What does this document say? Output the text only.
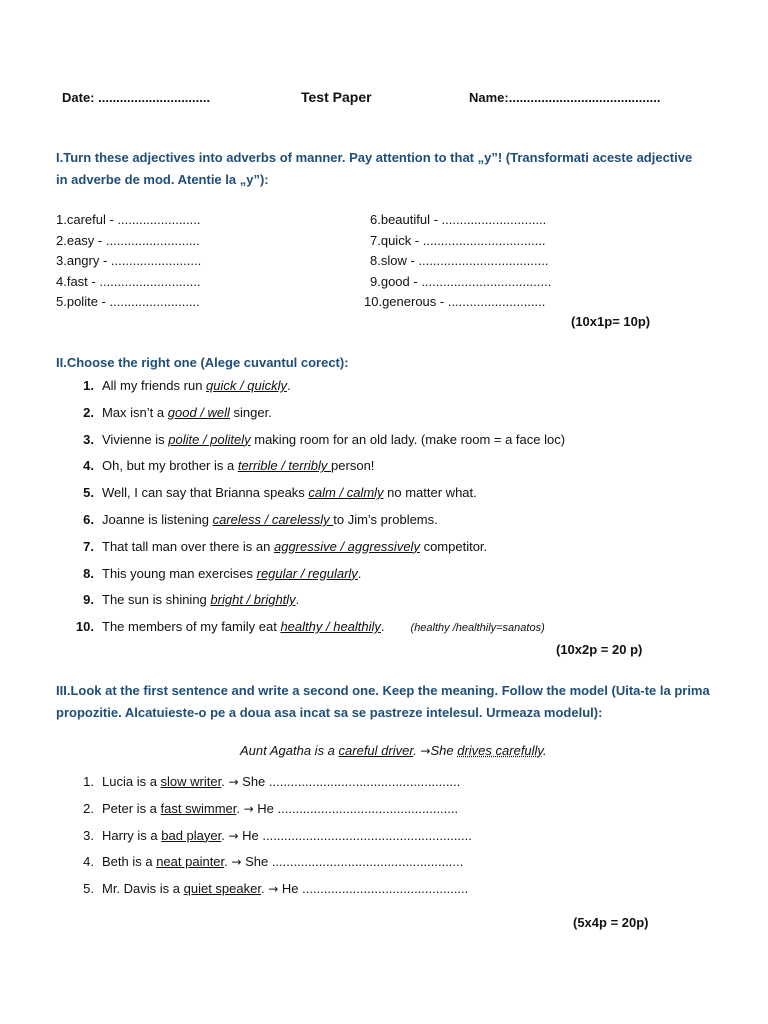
Date: ...............................	Test Paper	Name:..........................................
I.Turn these adjectives into adverbs of manner. Pay attention to that „y”! (Transformati aceste adjective in adverbe de mod. Atentie la „y”):
1.careful - .......................
2.easy - ..........................
3.angry - .........................
4.fast - ............................
5.polite - .........................
6.beautiful - .............................
7.quick - ..................................
8.slow - ....................................
9.good - ....................................
10.generous - ...........................
(10x1p= 10p)
II.Choose the right one (Alege cuvantul corect):
1. All my friends run quick / quickly.
2. Max isn’t a good / well singer.
3. Vivienne is polite / politely making room for an old lady. (make room = a face loc)
4. Oh, but my brother is a terrible / terribly person!
5. Well, I can say that Brianna speaks calm / calmly no matter what.
6. Joanne is listening careless / carelessly to Jim’s problems.
7. That tall man over there is an aggressive / aggressively competitor.
8. This young man exercises regular / regularly.
9. The sun is shining bright / brightly.
10. The members of my family eat healthy / healthily. (healthy /healthily=sanatos)
(10x2p = 20 p)
III.Look at the first sentence and write a second one. Keep the meaning. Follow the model (Uita-te la prima propozitie. Alcatuieste-o pe a doua asa incat sa se pastreze intelesul. Urmeaza modelul):
Aunt Agatha is a careful driver. →She drives carefully.
1. Lucia is a slow writer. → She .....................................................
2. Peter is a fast swimmer. → He ..................................................
3. Harry is a bad player. → He ..........................................................
4. Beth is a neat painter. → She .....................................................
5. Mr. Davis is a quiet speaker. → He ..............................................
(5x4p = 20p)
